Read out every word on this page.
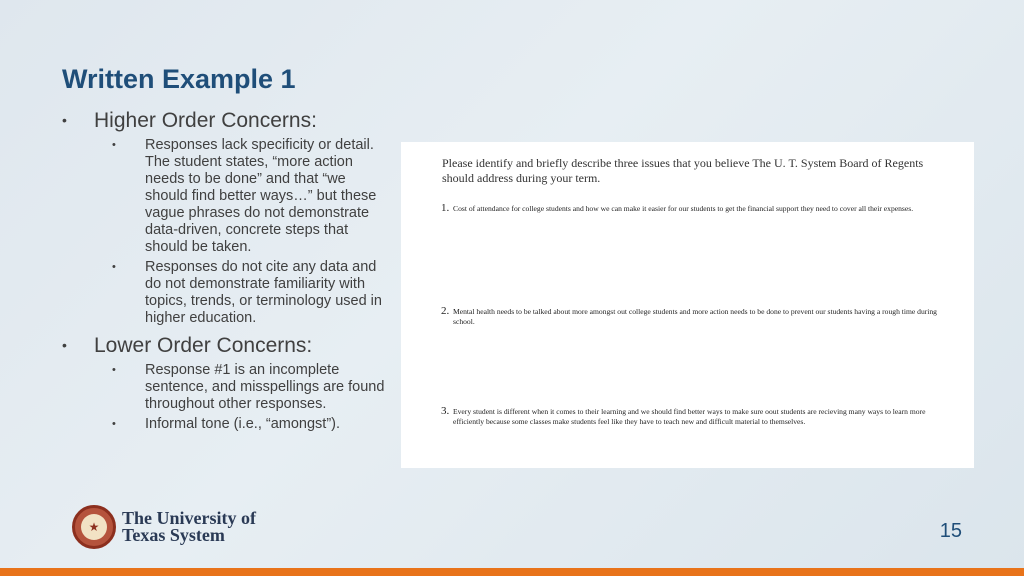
Written Example 1
• Higher Order Concerns:
• Responses lack specificity or detail. The student states, “more action needs to be done” and that “we should find better ways…” but these vague phrases do not demonstrate data-driven, concrete steps that should be taken.
• Responses do not cite any data and do not demonstrate familiarity with topics, trends, or terminology used in higher education.
• Lower Order Concerns:
• Response #1 is an incomplete sentence, and misspellings are found throughout other responses.
• Informal tone (i.e., “amongst”).
Please identify and briefly describe three issues that you believe The U. T. System Board of Regents should address during your term.
1. Cost of attendance for college students and how we can make it easier for our students to get the financial support they need to cover all their expenses.
2. Mental health needs to be talked about more amongst out college students and more action needs to be done to prevent our students having a rough time during school.
3. Every student is different when it comes to their learning and we should find better ways to make sure oout students are recieving many ways to learn more efficiently because some classes make students feel like they have to teach new and difficult material to themselves.
★	The University of
Texas System	15
